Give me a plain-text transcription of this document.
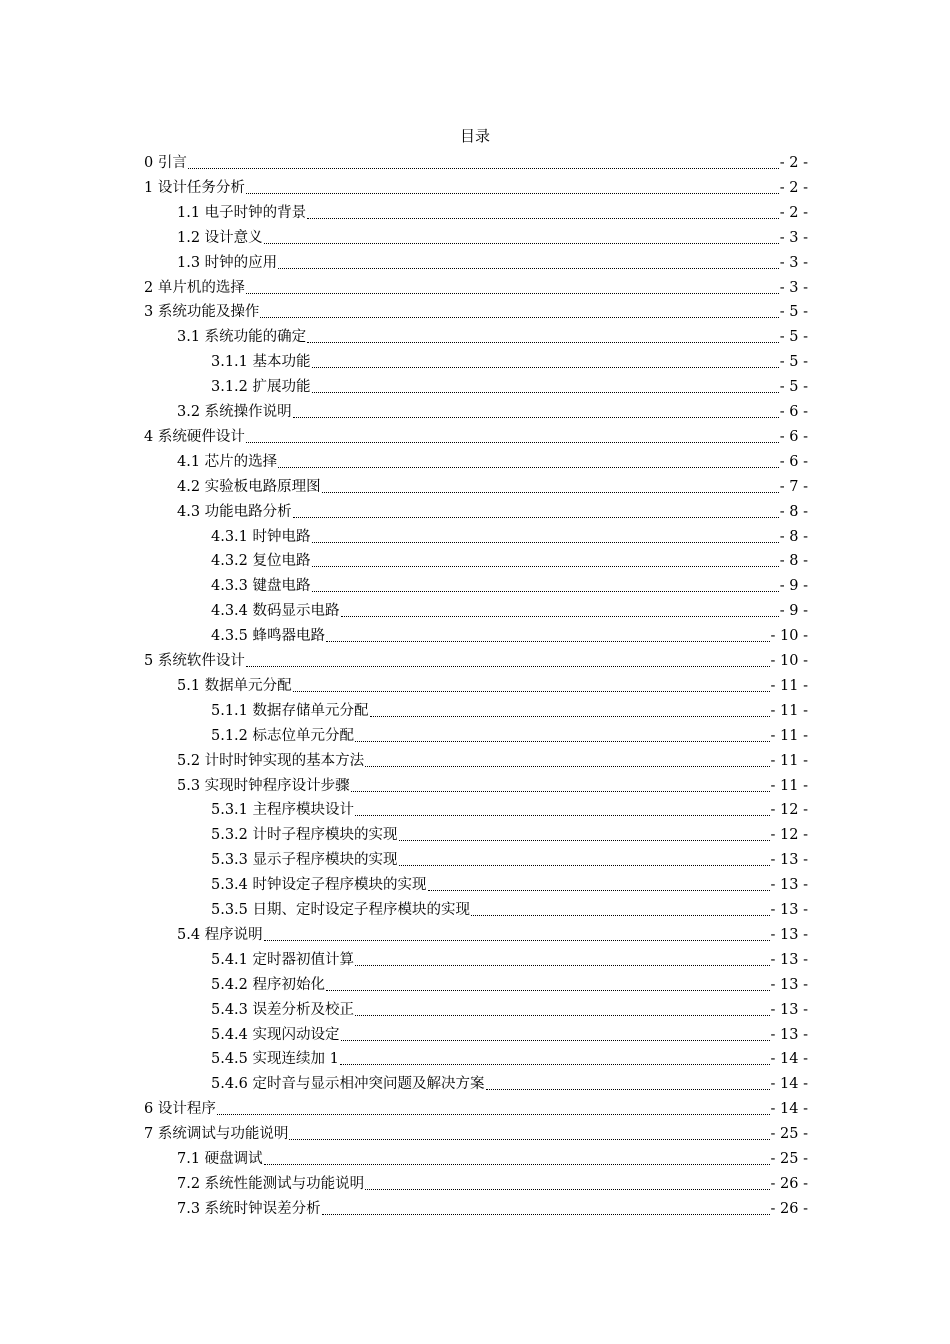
目录
0 引言	- 2 -
1 设计任务分析	- 2 -
1.1 电子时钟的背景	- 2 -
1.2 设计意义	- 3 -
1.3 时钟的应用	- 3 -
2 单片机的选择	- 3 -
3 系统功能及操作	- 5 -
3.1 系统功能的确定	- 5 -
3.1.1 基本功能	- 5 -
3.1.2 扩展功能	- 5 -
3.2 系统操作说明	- 6 -
4 系统硬件设计	- 6 -
4.1 芯片的选择	- 6 -
4.2 实验板电路原理图	- 7 -
4.3 功能电路分析	- 8 -
4.3.1 时钟电路	- 8 -
4.3.2 复位电路	- 8 -
4.3.3 键盘电路	- 9 -
4.3.4 数码显示电路	- 9 -
4.3.5 蜂鸣器电路	- 10 -
5 系统软件设计	- 10 -
5.1 数据单元分配	- 11 -
5.1.1 数据存储单元分配	- 11 -
5.1.2 标志位单元分配	- 11 -
5.2 计时时钟实现的基本方法	- 11 -
5.3 实现时钟程序设计步骤	- 11 -
5.3.1 主程序模块设计	- 12 -
5.3.2 计时子程序模块的实现	- 12 -
5.3.3 显示子程序模块的实现	- 13 -
5.3.4 时钟设定子程序模块的实现	- 13 -
5.3.5 日期、定时设定子程序模块的实现	- 13 -
5.4 程序说明	- 13 -
5.4.1 定时器初值计算	- 13 -
5.4.2 程序初始化	- 13 -
5.4.3 误差分析及校正	- 13 -
5.4.4 实现闪动设定	- 13 -
5.4.5 实现连续加 1	- 14 -
5.4.6 定时音与显示相冲突问题及解决方案	- 14 -
6 设计程序	- 14 -
7 系统调试与功能说明	- 25 -
7.1 硬盘调试	- 25 -
7.2 系统性能测试与功能说明	- 26 -
7.3 系统时钟误差分析	- 26 -
